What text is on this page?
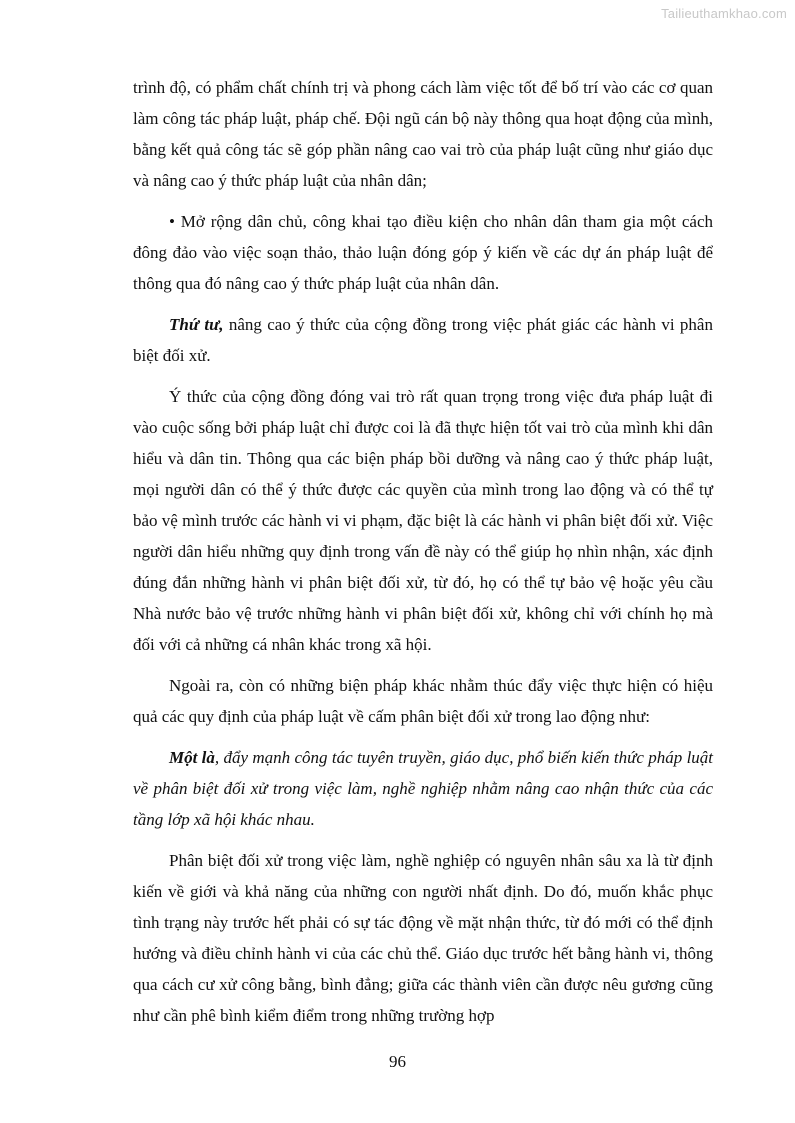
Tailieuthamkhao.com

trình độ, có phẩm chất chính trị và phong cách làm việc tốt để bố trí vào các cơ quan làm công tác pháp luật, pháp chế. Đội ngũ cán bộ này thông qua hoạt động của mình, bằng kết quả công tác sẽ góp phần nâng cao vai trò của pháp luật cũng như giáo dục và nâng cao ý thức pháp luật của nhân dân;

• Mở rộng dân chủ, công khai tạo điều kiện cho nhân dân tham gia một cách đông đảo vào việc soạn thảo, thảo luận đóng góp ý kiến về các dự án pháp luật để thông qua đó nâng cao ý thức pháp luật của nhân dân.

Thứ tư, nâng cao ý thức của cộng đồng trong việc phát giác các hành vi phân biệt đối xử.

Ý thức của cộng đồng đóng vai trò rất quan trọng trong việc đưa pháp luật đi vào cuộc sống bởi pháp luật chỉ được coi là đã thực hiện tốt vai trò của mình khi dân hiểu và dân tin. Thông qua các biện pháp bồi dưỡng và nâng cao ý thức pháp luật, mọi người dân có thể ý thức được các quyền của mình trong lao động và có thể tự bảo vệ mình trước các hành vi vi phạm, đặc biệt là các hành vi phân biệt đối xử. Việc người dân hiểu những quy định trong vấn đề này có thể giúp họ nhìn nhận, xác định đúng đắn những hành vi phân biệt đối xử, từ đó, họ có thể tự bảo vệ hoặc yêu cầu Nhà nước bảo vệ trước những hành vi phân biệt đối xử, không chỉ với chính họ mà đối với cả những cá nhân khác trong xã hội.

Ngoài ra, còn có những biện pháp khác nhằm thúc đẩy việc thực hiện có hiệu quả các quy định của pháp luật về cấm phân biệt đối xử trong lao động như:

Một là, đẩy mạnh công tác tuyên truyền, giáo dục, phổ biến kiến thức pháp luật về phân biệt đối xử trong việc làm, nghề nghiệp nhằm nâng cao nhận thức của các tầng lớp xã hội khác nhau.

Phân biệt đối xử trong việc làm, nghề nghiệp có nguyên nhân sâu xa là từ định kiến về giới và khả năng của những con người nhất định. Do đó, muốn khắc phục tình trạng này trước hết phải có sự tác động về mặt nhận thức, từ đó mới có thể định hướng và điều chỉnh hành vi của các chủ thể. Giáo dục trước hết bằng hành vi, thông qua cách cư xử công bằng, bình đẳng; giữa các thành viên cần được nêu gương cũng như cần phê bình kiểm điểm trong những trường hợp

96
